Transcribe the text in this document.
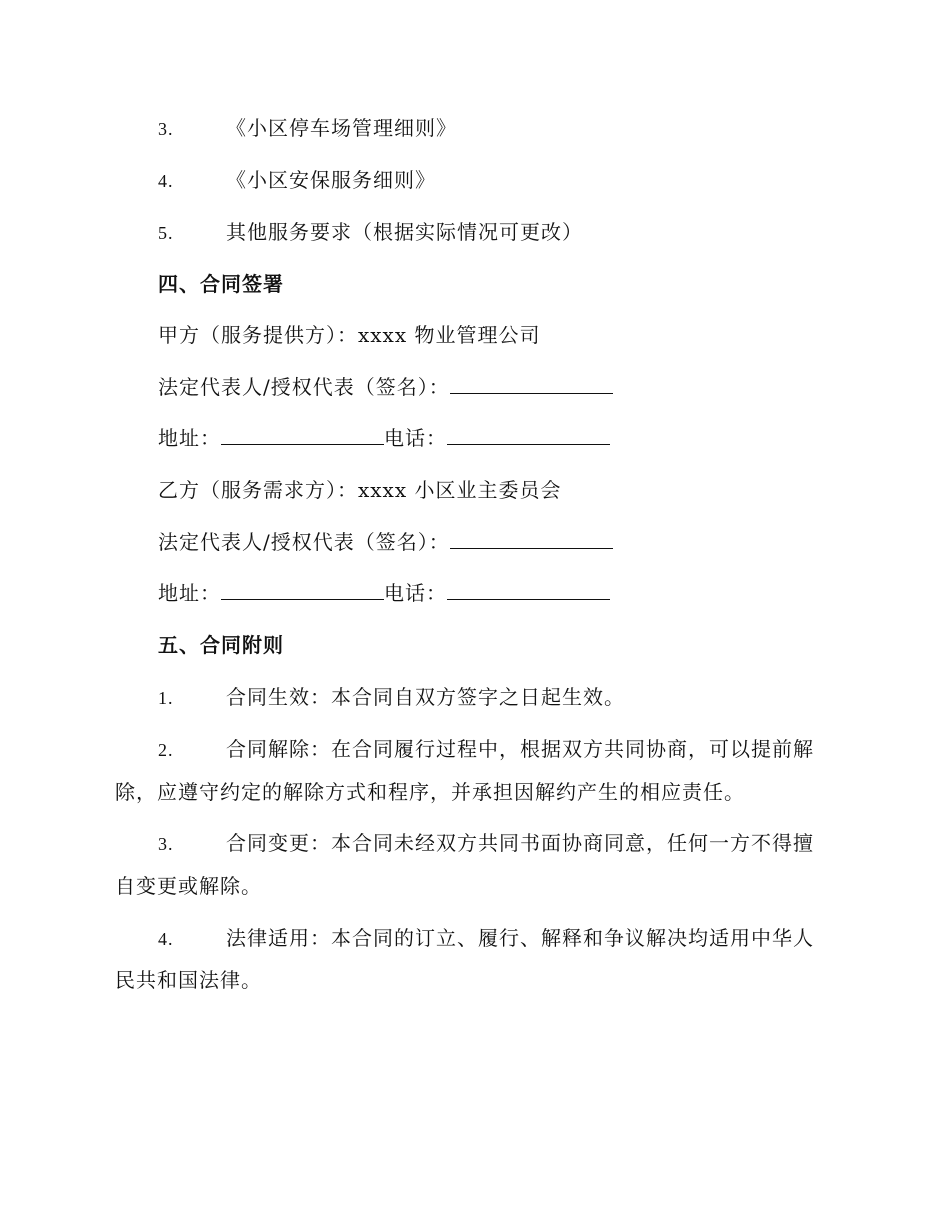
3.	《小区停车场管理细则》
4.	《小区安保服务细则》
5.	其他服务要求（根据实际情况可更改）
四、合同签署
甲方（服务提供方）：xxxx 物业管理公司
法定代表人/授权代表（签名）：
地址：	电话：
乙方（服务需求方）：xxxx 小区业主委员会
法定代表人/授权代表（签名）：
地址：	电话：
五、合同附则
1.	合同生效：本合同自双方签字之日起生效。
2.	合同解除：在合同履行过程中，根据双方共同协商，可以提前解
除，应遵守约定的解除方式和程序，并承担因解约产生的相应责任。
3.	合同变更：本合同未经双方共同书面协商同意，任何一方不得擅
自变更或解除。
4.	法律适用：本合同的订立、履行、解释和争议解决均适用中华人
民共和国法律。
